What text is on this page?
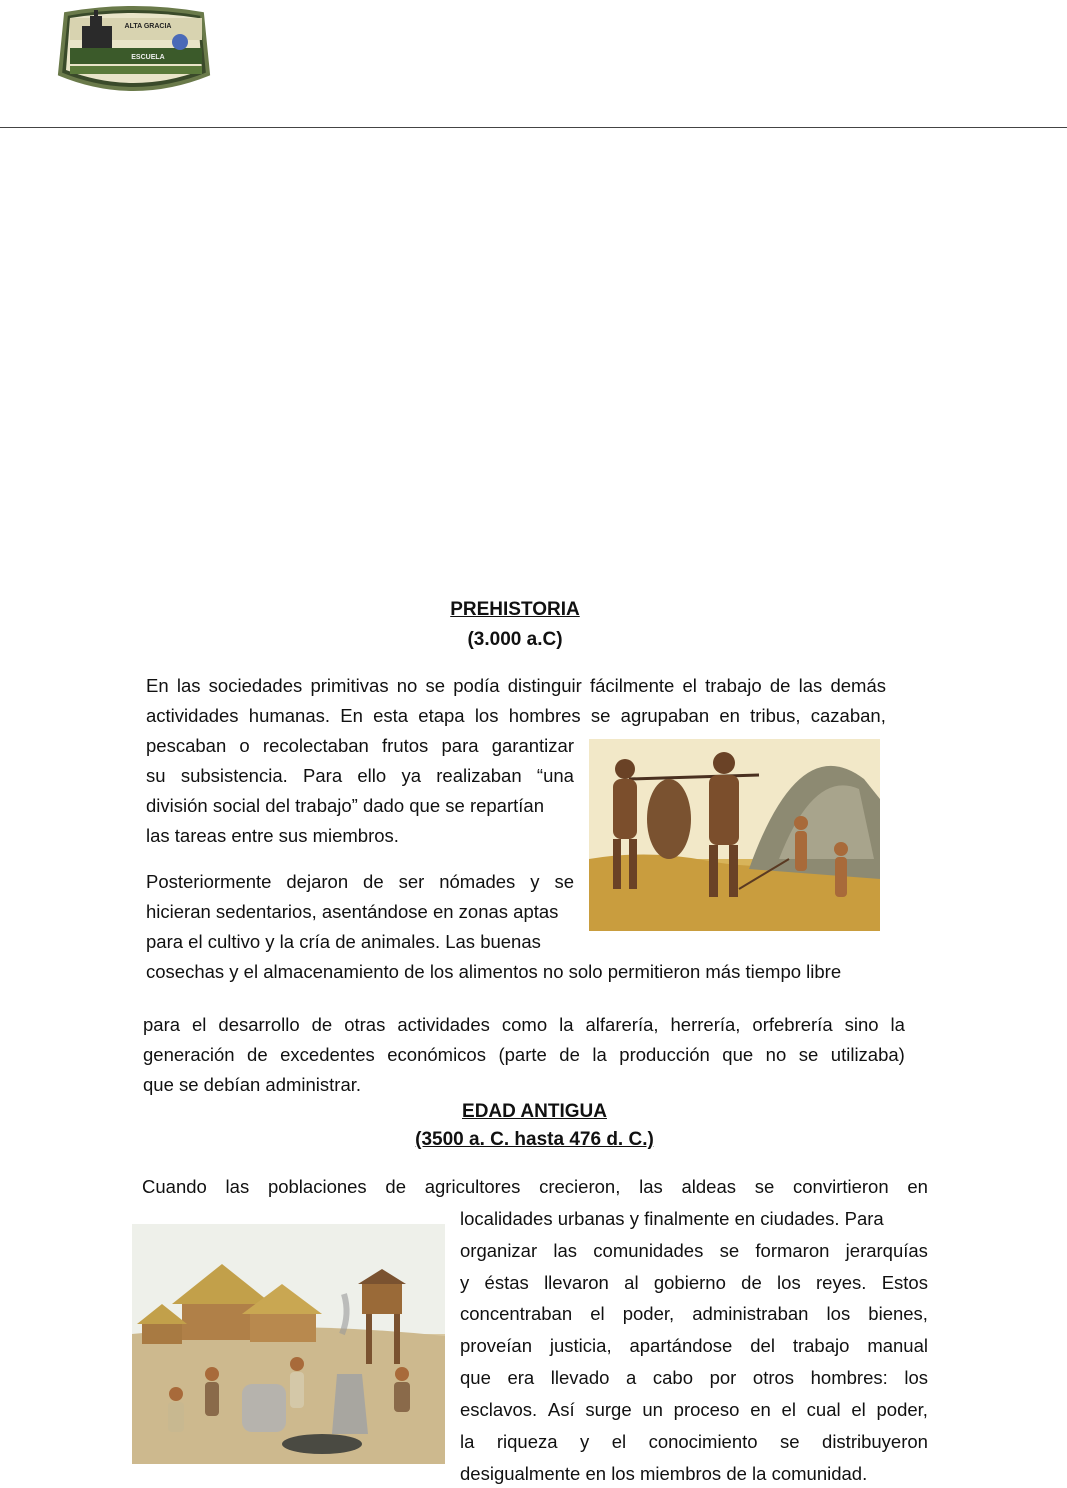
ALTA GRACIA
ESCUELA
PREHISTORIA
(3.000 a.C)
En las sociedades primitivas no se podía distinguir fácilmente el trabajo de las demás
actividades humanas. En esta etapa los hombres se agrupaban en tribus, cazaban,
pescaban o recolectaban frutos para garantizar
su subsistencia. Para ello ya realizaban “una
división social del trabajo” dado que se repartían
las tareas entre sus miembros.
Posteriormente dejaron de ser nómades y se
hicieran sedentarios, asentándose en zonas aptas
para el cultivo y la cría de animales. Las buenas
cosechas y el almacenamiento de los alimentos no solo permitieron más tiempo libre
para el desarrollo de otras actividades como la alfarería, herrería, orfebrería sino la
generación de excedentes económicos (parte de la producción que no se utilizaba)
que se debían administrar.
EDAD ANTIGUA
(3500 a. C. hasta 476 d. C.)
Cuando las poblaciones de agricultores crecieron, las aldeas se convirtieron en
localidades urbanas y finalmente en ciudades. Para
organizar las comunidades se formaron jerarquías
y éstas llevaron al gobierno de los reyes. Estos
concentraban el poder, administraban los bienes,
proveían justicia, apartándose del trabajo manual
que era llevado a cabo por otros hombres: los
esclavos. Así surge un proceso en el cual el poder,
la riqueza y el conocimiento se distribuyeron
desigualmente en los miembros de la comunidad.
